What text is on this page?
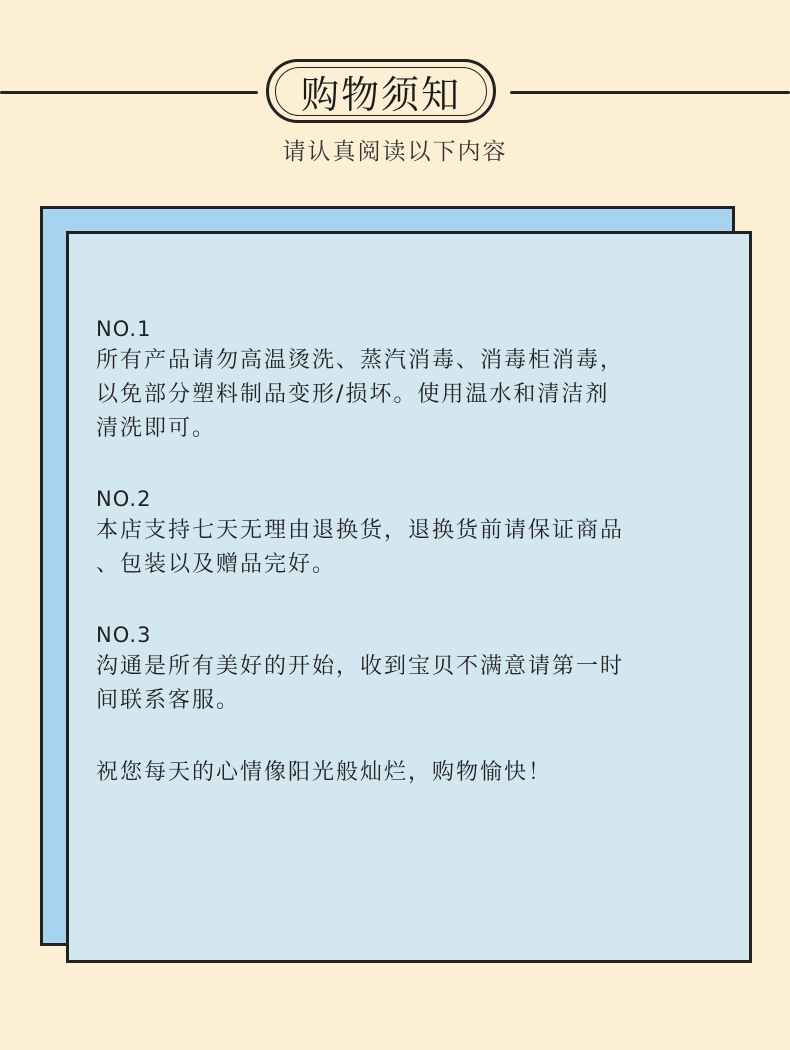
购物须知
请认真阅读以下内容
NO.1

所有产品请勿高温烫洗、蒸汽消毒、消毒柜消毒，
以免部分塑料制品变形/损坏。使用温水和清洁剂
清洗即可。

NO.2

本店支持七天无理由退换货，退换货前请保证商品
、包装以及赠品完好。

NO.3

沟通是所有美好的开始，收到宝贝不满意请第一时
间联系客服。

祝您每天的心情像阳光般灿烂，购物愉快！
